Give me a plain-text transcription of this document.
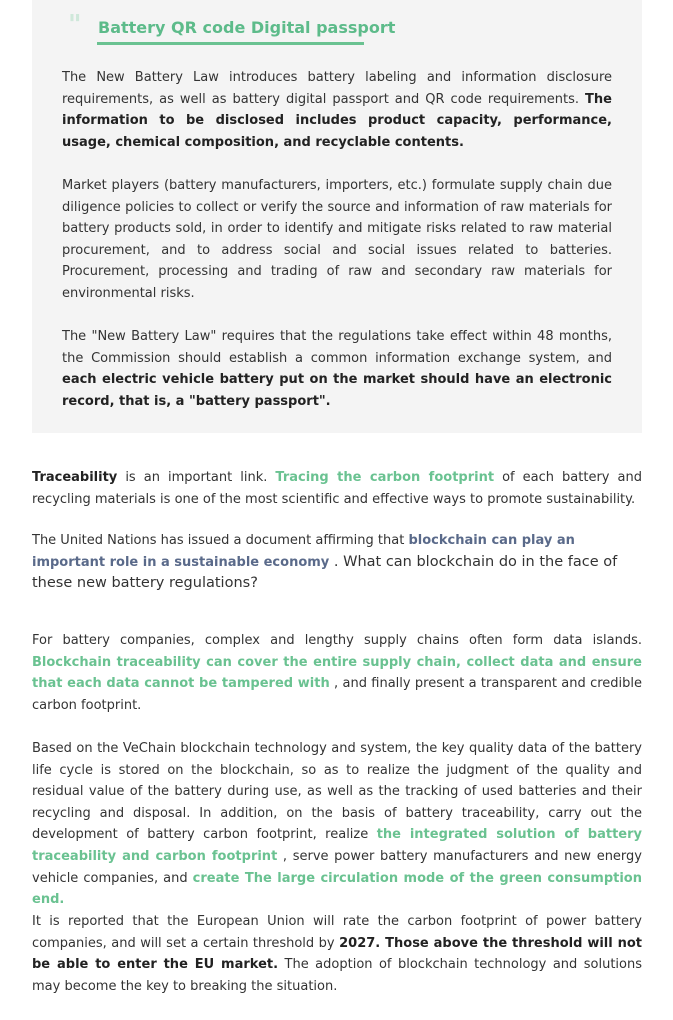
" Battery QR code Digital passport

The New Battery Law introduces battery labeling and information disclosure requirements, as well as battery digital passport and QR code requirements. The information to be disclosed includes product capacity, performance, usage, chemical composition, and recyclable contents.

Market players (battery manufacturers, importers, etc.) formulate supply chain due diligence policies to collect or verify the source and information of raw materials for battery products sold, in order to identify and mitigate risks related to raw material procurement, and to address social and social issues related to batteries. Procurement, processing and trading of raw and secondary raw materials for environmental risks.

The "New Battery Law" requires that the regulations take effect within 48 months, the Commission should establish a common information exchange system, and each electric vehicle battery put on the market should have an electronic record, that is, a "battery passport".

Traceability is an important link. Tracing the carbon footprint of each battery and recycling materials is one of the most scientific and effective ways to promote sustainability.

The United Nations has issued a document affirming that blockchain can play an important role in a sustainable economy . What can blockchain do in the face of these new battery regulations?

For battery companies, complex and lengthy supply chains often form data islands. Blockchain traceability can cover the entire supply chain, collect data and ensure that each data cannot be tampered with , and finally present a transparent and credible carbon footprint.

Based on the VeChain blockchain technology and system, the key quality data of the battery life cycle is stored on the blockchain, so as to realize the judgment of the quality and residual value of the battery during use, as well as the tracking of used batteries and their recycling and disposal. In addition, on the basis of battery traceability, carry out the development of battery carbon footprint, realize the integrated solution of battery traceability and carbon footprint , serve power battery manufacturers and new energy vehicle companies, and create The large circulation mode of the green consumption end.

It is reported that the European Union will rate the carbon footprint of power battery companies, and will set a certain threshold by 2027. Those above the threshold will not be able to enter the EU market. The adoption of blockchain technology and solutions may become the key to breaking the situation.
